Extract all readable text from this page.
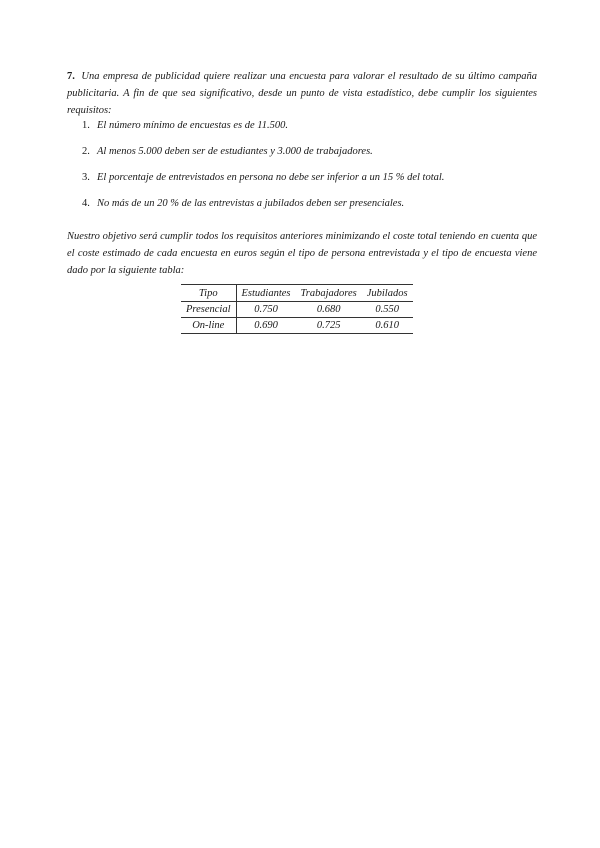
7. Una empresa de publicidad quiere realizar una encuesta para valorar el resultado de su último campaña publicitaria. A fin de que sea significativo, desde un punto de vista estadístico, debe cumplir los siguientes requisitos:

1. El número mínimo de encuestas es de 11.500.
2. Al menos 5.000 deben ser de estudiantes y 3.000 de trabajadores.
3. El porcentaje de entrevistados en persona no debe ser inferior a un 15 % del total.
4. No más de un 20 % de las entrevistas a jubilados deben ser presenciales.

Nuestro objetivo será cumplir todos los requisitos anteriores minimizando el coste total teniendo en cuenta que el coste estimado de cada encuesta en euros según el tipo de persona entrevistada y el tipo de encuesta viene dado por la siguiente tabla:

Tipo	Estudiantes	Trabajadores	Jubilados
Presencial	0.750	0.680	0.550
On-line	0.690	0.725	0.610
